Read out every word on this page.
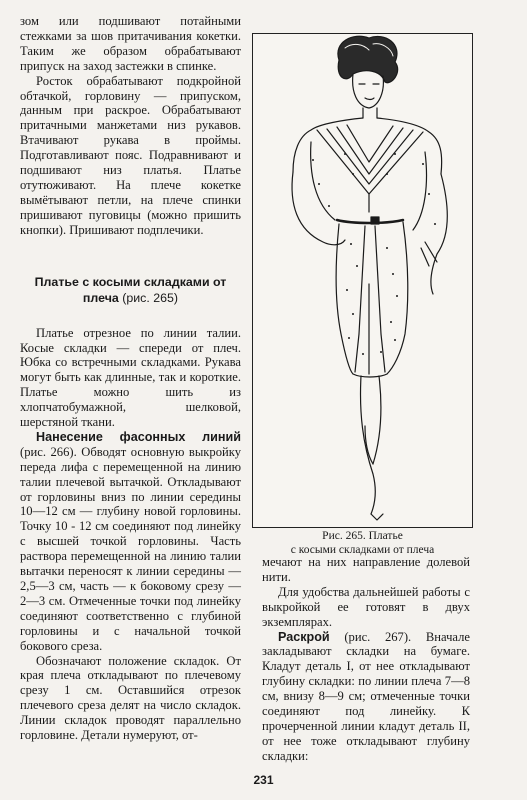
зом или подшивают потайными стежками за шов притачивания кокетки. Таким же образом обрабатывают припуск на заход застежки в спинке.

Росток обрабатывают подкройной обтачкой, горловину — припуском, данным при раскрое. Обрабатывают притачными манжетами низ рукавов. Втачивают рукава в проймы. Подготавливают пояс. Подравнивают и подшивают низ платья. Платье отутюживают. На плече кокетке вымётывают петли, на плече спинки пришивают пуговицы (можно пришить кнопки). Пришивают подплечики.

Платье с косыми складками от плеча (рис. 265)

Платье отрезное по линии талии. Косые складки — спереди от плеч. Юбка со встречными складками. Рукава могут быть как длинные, так и короткие. Платье можно шить из хлопчатобумажной, шелковой, шерстяной ткани.

Нанесение фасонных линий (рис. 266). Обводят основную выкройку переда лифа с перемещенной на линию талии плечевой вытачкой. Откладывают от горловины вниз по линии середины 10—12 см — глубину новой горловины. Точку 10 - 12 см соединяют под линейку с высшей точкой горловины. Часть раствора перемещенной на линию талии вытачки переносят к линии середины — 2,5—3 см, часть — к боковому срезу — 2—3 см. Отмеченные точки под линейку соединяют соответственно с глубиной горловины и с начальной точкой бокового среза.

Обозначают положение складок. От края плеча откладывают по плечевому срезу 1 см. Оставшийся отрезок плечевого среза делят на число складок. Линии складок проводят параллельно горловине. Детали нумеруют, от-

Рис. 265. Платье
с косыми складками от плеча

мечают на них направление долевой нити.

Для удобства дальнейшей работы с выкройкой ее готовят в двух экземплярах.

Раскрой (рис. 267). Вначале закладывают складки на бумаге. Кладут деталь I, от нее откладывают глубину складки: по линии плеча 7—8 см, внизу 8—9 см; отмеченные точки соединяют под линейку. К прочерченной линии кладут деталь II, от нее тоже откладывают глубину складки:

231
